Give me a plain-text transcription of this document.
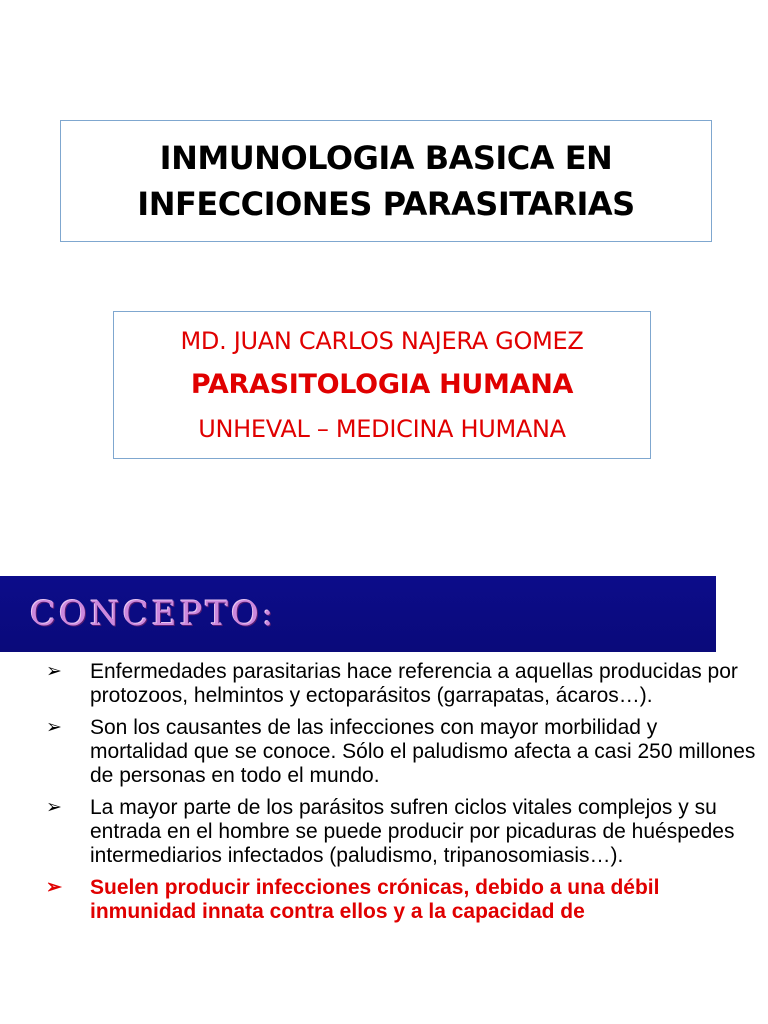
INMUNOLOGIA BASICA EN
INFECCIONES PARASITARIAS
MD. JUAN CARLOS NAJERA GOMEZ
PARASITOLOGIA HUMANA
UNHEVAL – MEDICINA HUMANA
CONCEPTO:
➢	Enfermedades parasitarias hace referencia a aquellas producidas por protozoos, helmintos y ectoparásitos (garrapatas, ácaros…).
➢	Son los causantes de las infecciones con mayor morbilidad y mortalidad que se conoce. Sólo el paludismo afecta a casi 250 millones de personas en todo el mundo.
➢	La mayor parte de los parásitos sufren ciclos vitales complejos y su entrada en el hombre se puede producir por picaduras de huéspedes intermediarios infectados (paludismo, tripanosomiasis…).
➢	Suelen producir infecciones crónicas, debido a una débil inmunidad innata contra ellos y a la capacidad de
